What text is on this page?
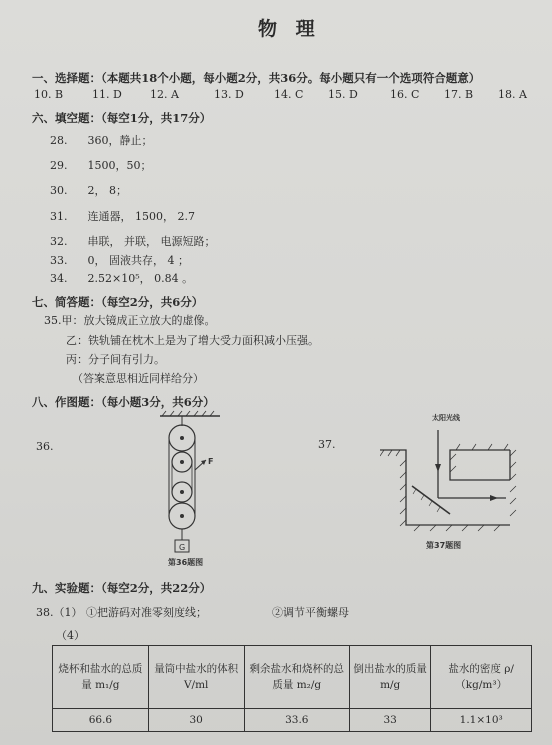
物 理
一、选择题：（本题共18个小题，每小题2分，共36分。每小题只有一个选项符合题意）
10. B	11. D	12. A	13. D	14. C 15. D	16. C 17. B 18. A
六、填空题：（每空1分，共17分）
28. 360，静止；
29. 1500，50；
30. 2， 8；
31. 连通器， 1500， 2.7
32. 串联， 并联， 电源短路；
33. 0， 固液共存， 4 ；
34. 2.52×10⁵， 0.84 。
七、简答题：（每空2分，共6分）
35.甲：放大镜成正立放大的虚像。
乙：铁轨铺在枕木上是为了增大受力面积减小压强。
丙：分子间有引力。
（答案意思相近同样给分）
八、作图题：（每小题3分，共6分）
36.
F
G
第36题图
37.
太阳光线
第37题图
九、实验题：（每空2分，共22分）
38.（1） ①把游码对准零刻度线；	②调节平衡螺母
（4）
烧杯和盐水的总质量 m₁/g	量筒中盐水的体积 V/ml	剩余盐水和烧杯的总质量 m₂/g	倒出盐水的质量 m/g	盐水的密度 ρ/（kg/m³）
66.6	30	33.6	33	1.1×10³
